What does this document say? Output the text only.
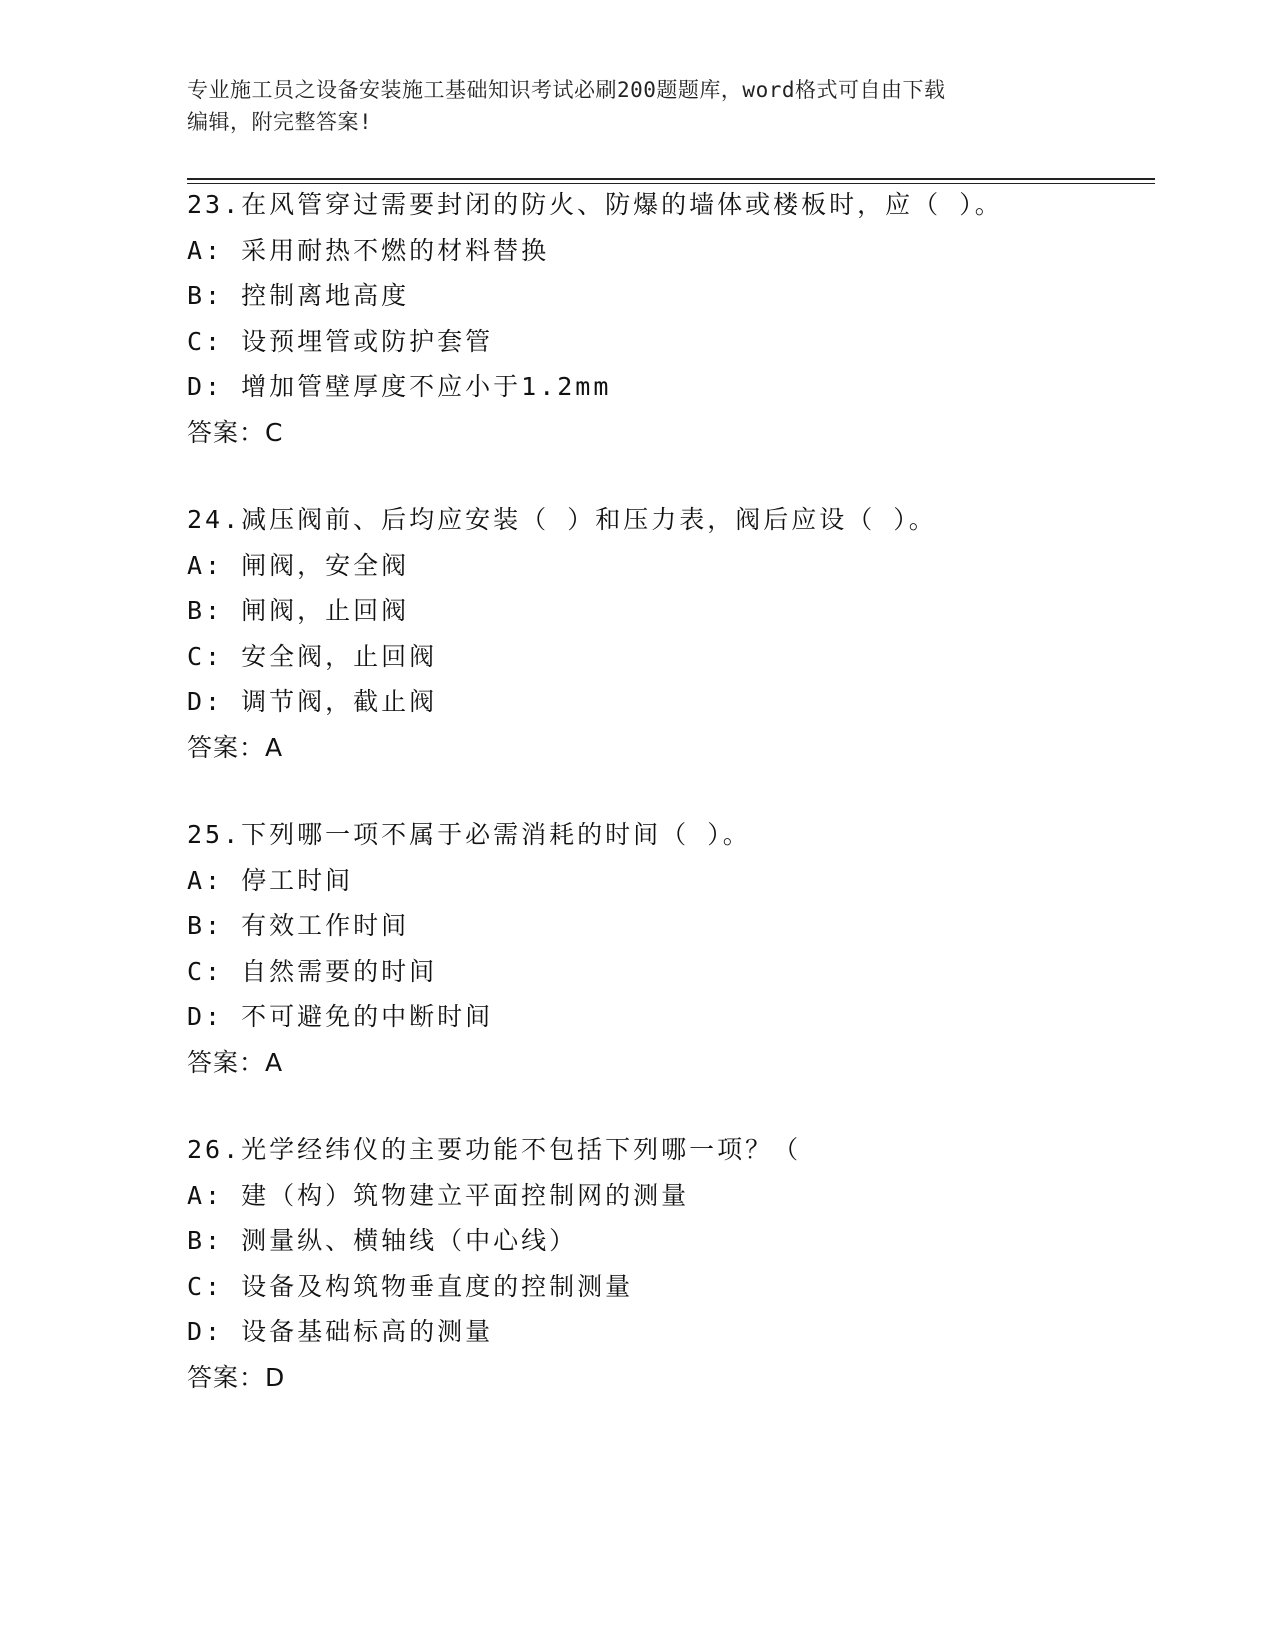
专业施工员之设备安装施工基础知识考试必刷200题题库，word格式可自由下载
编辑，附完整答案!
23.在风管穿过需要封闭的防火、防爆的墙体或楼板时，应（ ）。
A: 采用耐热不燃的材料替换
B: 控制离地高度
C: 设预埋管或防护套管
D: 增加管壁厚度不应小于1.2mm
答案：C
24.减压阀前、后均应安装（ ）和压力表，阀后应设（ ）。
A: 闸阀，安全阀
B: 闸阀，止回阀
C: 安全阀，止回阀
D: 调节阀，截止阀
答案：A
25.下列哪一项不属于必需消耗的时间（ ）。
A: 停工时间
B: 有效工作时间
C: 自然需要的时间
D: 不可避免的中断时间
答案：A
26.光学经纬仪的主要功能不包括下列哪一项？（
A: 建（构）筑物建立平面控制网的测量
B: 测量纵、横轴线（中心线）
C: 设备及构筑物垂直度的控制测量
D: 设备基础标高的测量
答案：D
